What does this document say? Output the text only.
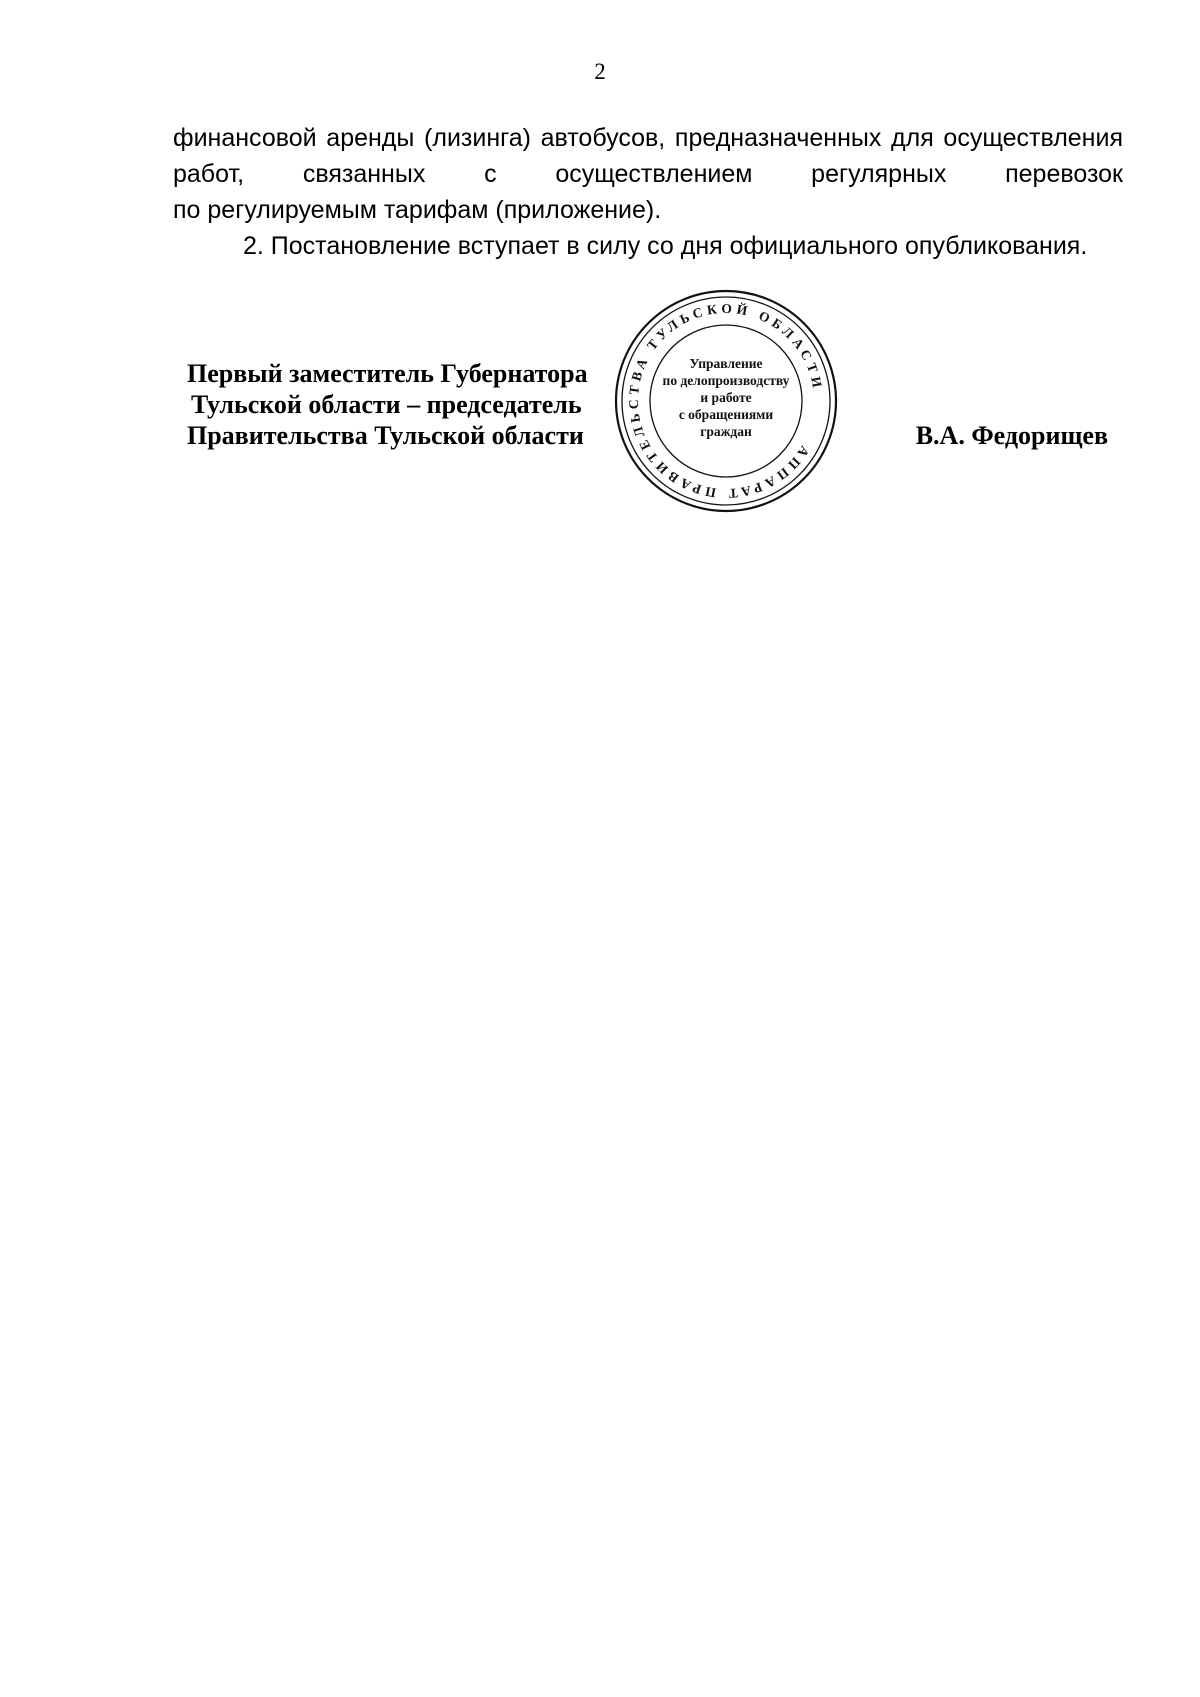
2

финансовой аренды (лизинга) автобусов, предназначенных для осуществления

работ, связанных с осуществлением регулярных перевозок

по регулируемым тарифам (приложение).

2. Постановление вступает в силу со дня официального опубликования.
Первый заместитель Губернатора
Тульской области – председатель
Правительства Тульской области	В.А. Федорищев
АППАРАТ ПРАВИТЕЛЬСТВА ТУЛЬСКОЙ ОБЛАСТИ
Управление
по делопроизводству
и работе
с обращениями
граждан
